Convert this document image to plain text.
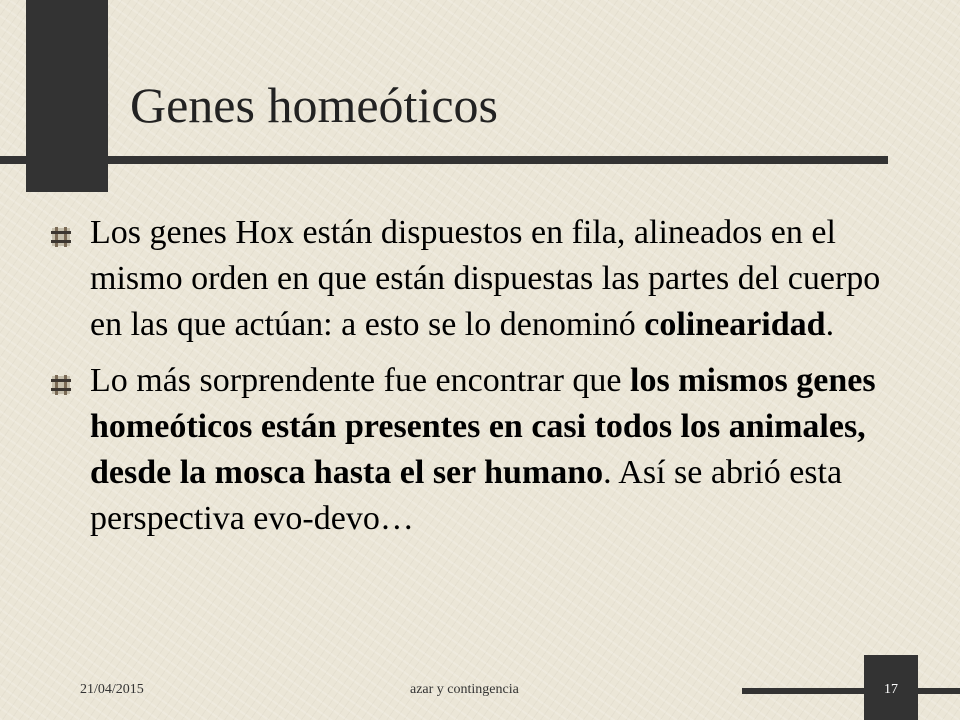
Genes homeóticos

Los genes Hox están dispuestos en fila, alineados en el mismo orden en que están dispuestas las partes del cuerpo en las que actúan: a esto se lo denominó colinearidad.

Lo más sorprendente fue encontrar que los mismos genes homeóticos están presentes en casi todos los animales, desde la mosca hasta el ser humano. Así se abrió esta perspectiva evo-devo…

21/04/2015	azar y contingencia	17
